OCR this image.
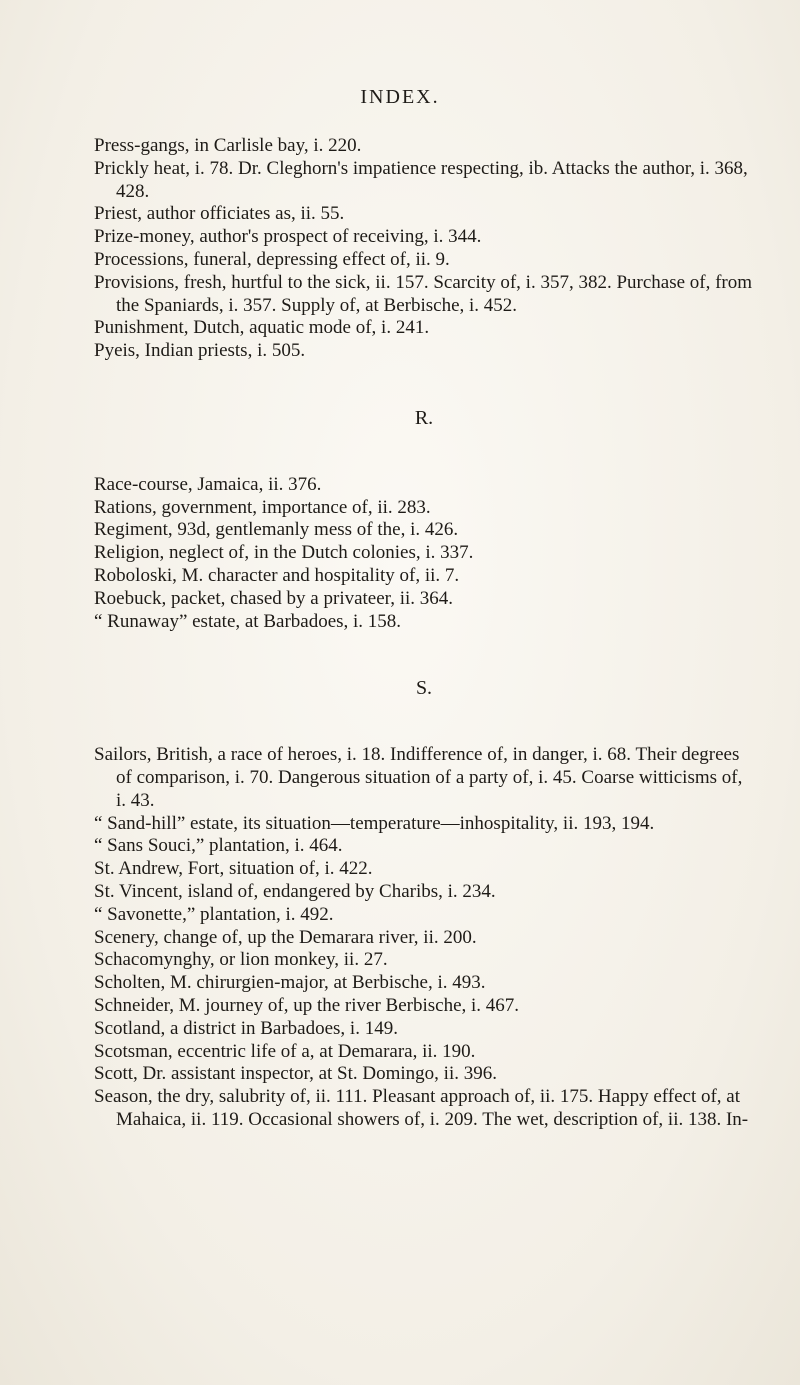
INDEX.

Press-gangs, in Carlisle bay, i. 220.

Prickly heat, i. 78. Dr. Cleghorn's impatience respecting, ib. Attacks the author, i. 368, 428.

Priest, author officiates as, ii. 55.

Prize-money, author's prospect of receiving, i. 344.

Processions, funeral, depressing effect of, ii. 9.

Provisions, fresh, hurtful to the sick, ii. 157. Scarcity of, i. 357, 382. Purchase of, from the Spaniards, i. 357. Supply of, at Berbische, i. 452.

Punishment, Dutch, aquatic mode of, i. 241.

Pyeis, Indian priests, i. 505.

R.

Race-course, Jamaica, ii. 376.

Rations, government, importance of, ii. 283.

Regiment, 93d, gentlemanly mess of the, i. 426.

Religion, neglect of, in the Dutch colonies, i. 337.

Roboloski, M. character and hospitality of, ii. 7.

Roebuck, packet, chased by a privateer, ii. 364.

“ Runaway” estate, at Barbadoes, i. 158.

S.

Sailors, British, a race of heroes, i. 18. Indifference of, in danger, i. 68. Their degrees of comparison, i. 70. Dangerous situation of a party of, i. 45. Coarse witticisms of, i. 43.

“ Sand-hill” estate, its situation—temperature—inhospitality, ii. 193, 194.

“ Sans Souci,” plantation, i. 464.

St. Andrew, Fort, situation of, i. 422.

St. Vincent, island of, endangered by Charibs, i. 234.

“ Savonette,” plantation, i. 492.

Scenery, change of, up the Demarara river, ii. 200.

Schacomynghy, or lion monkey, ii. 27.

Scholten, M. chirurgien-major, at Berbische, i. 493.

Schneider, M. journey of, up the river Berbische, i. 467.

Scotland, a district in Barbadoes, i. 149.

Scotsman, eccentric life of a, at Demarara, ii. 190.

Scott, Dr. assistant inspector, at St. Domingo, ii. 396.

Season, the dry, salubrity of, ii. 111. Pleasant approach of, ii. 175. Happy effect of, at Mahaica, ii. 119. Occasional showers of, i. 209. The wet, description of, ii. 138. In-
